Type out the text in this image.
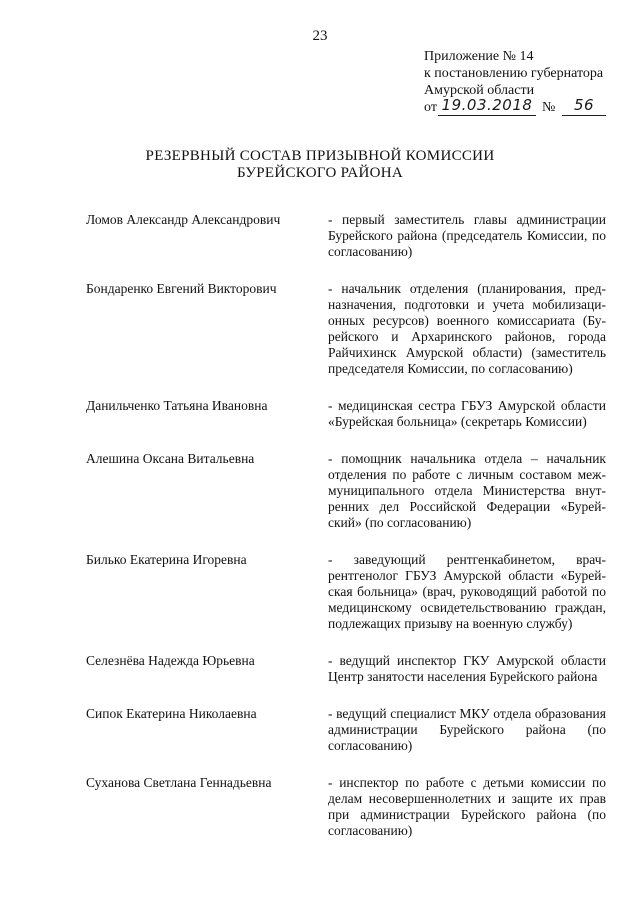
23
Приложение № 14
к постановлению губернатора
Амурской области
от 19.03.2018 №	56
РЕЗЕРВНЫЙ СОСТАВ ПРИЗЫВНОЙ КОМИССИИ
БУРЕЙСКОГО РАЙОНА
Ломов Александр Александрович	- первый заместитель главы администрации Бурейского района (председатель Комиссии, по согласованию)
Бондаренко Евгений Викторович	- начальник отделения (планирования, предназначения, подготовки и учета мобилизационных ресурсов) военного комиссариата (Бурейского и Архаринского районов, города Райчихинск Амурской области) (заместитель председателя Комиссии, по согласованию)
Данильченко Татьяна Ивановна	- медицинская сестра ГБУЗ Амурской области «Бурейская больница» (секретарь Комиссии)
Алешина Оксана Витальевна	- помощник начальника отдела – начальник отделения по работе с личным составом межмуниципального отдела Министерства внутренних дел Российской Федерации «Бурейский» (по согласованию)
Билько Екатерина Игоревна	- заведующий рентгенкабинетом, врач-рентгенолог ГБУЗ Амурской области «Бурейская больница» (врач, руководящий работой по медицинскому освидетельствованию граждан, подлежащих призыву на военную службу)
Селезнёва Надежда Юрьевна	- ведущий инспектор ГКУ Амурской области Центр занятости населения Бурейского района
Сипок Екатерина Николаевна	- ведущий специалист МКУ отдела образования администрации Бурейского района (по согласованию)
Суханова Светлана Геннадьевна	- инспектор по работе с детьми комиссии по делам несовершеннолетних и защите их прав при администрации Бурейского района (по согласованию)
